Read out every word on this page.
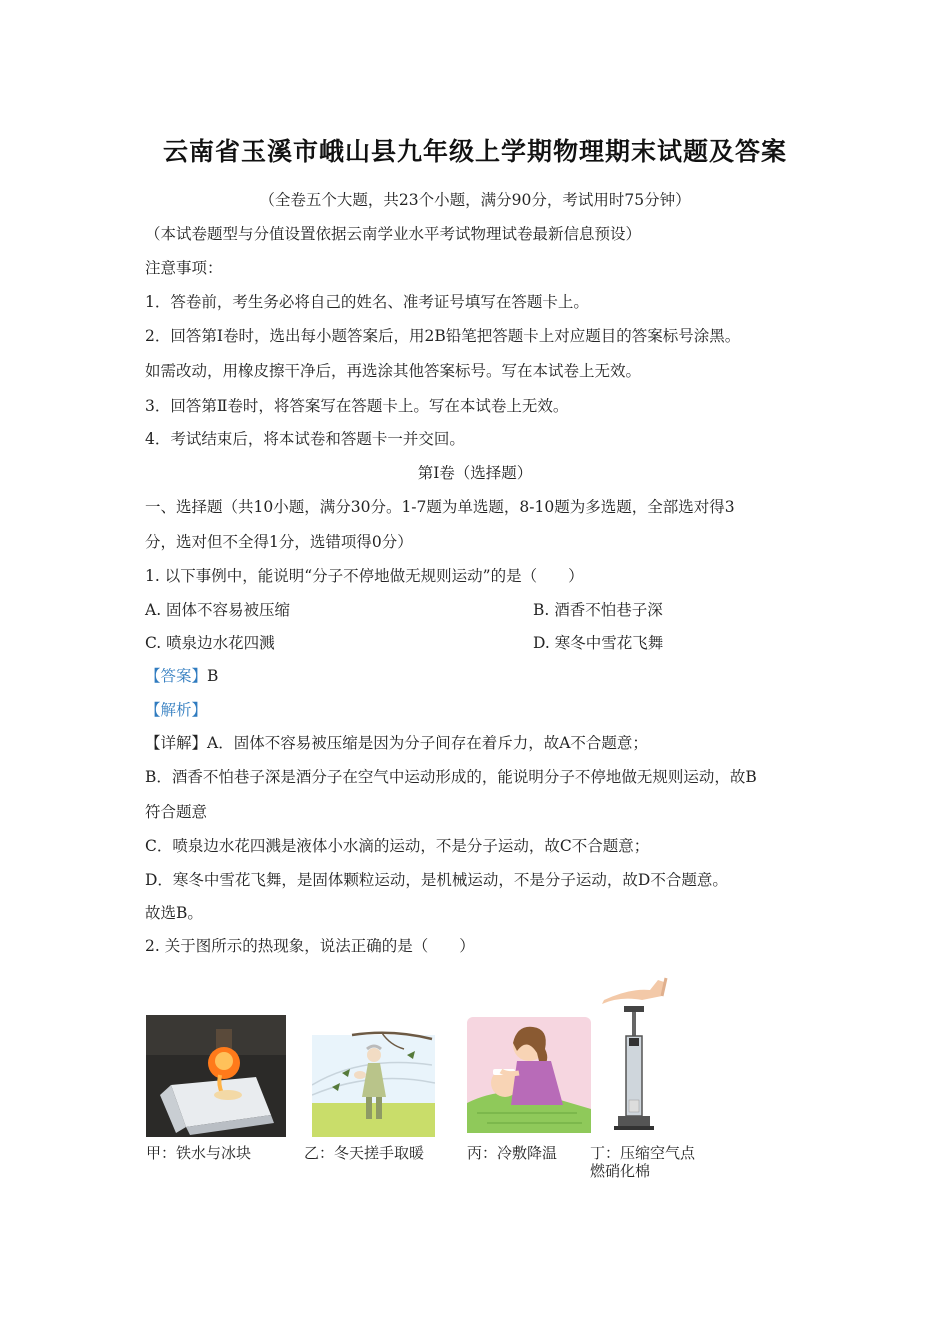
云南省玉溪市峨山县九年级上学期物理期末试题及答案
（全卷五个大题，共23个小题，满分90分，考试用时75分钟）
（本试卷题型与分值设置依据云南学业水平考试物理试卷最新信息预设）
注意事项：
1．答卷前，考生务必将自己的姓名、准考证号填写在答题卡上。
2．回答第Ⅰ卷时，选出每小题答案后，用2B铅笔把答题卡上对应题目的答案标号涂黑。
如需改动，用橡皮擦干净后，再选涂其他答案标号。写在本试卷上无效。
3．回答第Ⅱ卷时，将答案写在答题卡上。写在本试卷上无效。
4．考试结束后，将本试卷和答题卡一并交回。
第Ⅰ卷（选择题）
一、选择题（共10小题，满分30分。1-7题为单选题，8-10题为多选题，全部选对得3
分，选对但不全得1分，选错项得0分）
1. 以下事例中，能说明“分子不停地做无规则运动”的是（　　）
A. 固体不容易被压缩	B. 酒香不怕巷子深
C. 喷泉边水花四溅	D. 寒冬中雪花飞舞
【答案】B
【解析】
【详解】A．固体不容易被压缩是因为分子间存在着斥力，故A不合题意；
B．酒香不怕巷子深是酒分子在空气中运动形成的，能说明分子不停地做无规则运动，故B
符合题意
C．喷泉边水花四溅是液体小水滴的运动，不是分子运动，故C不合题意；
D．寒冬中雪花飞舞，是固体颗粒运动，是机械运动，不是分子运动，故D不合题意。
故选B。
2. 关于图所示的热现象，说法正确的是（　　）
甲：铁水与冰块	乙：冬天搓手取暖	丙：冷敷降温 丁：压缩空气点
燃硝化棉
